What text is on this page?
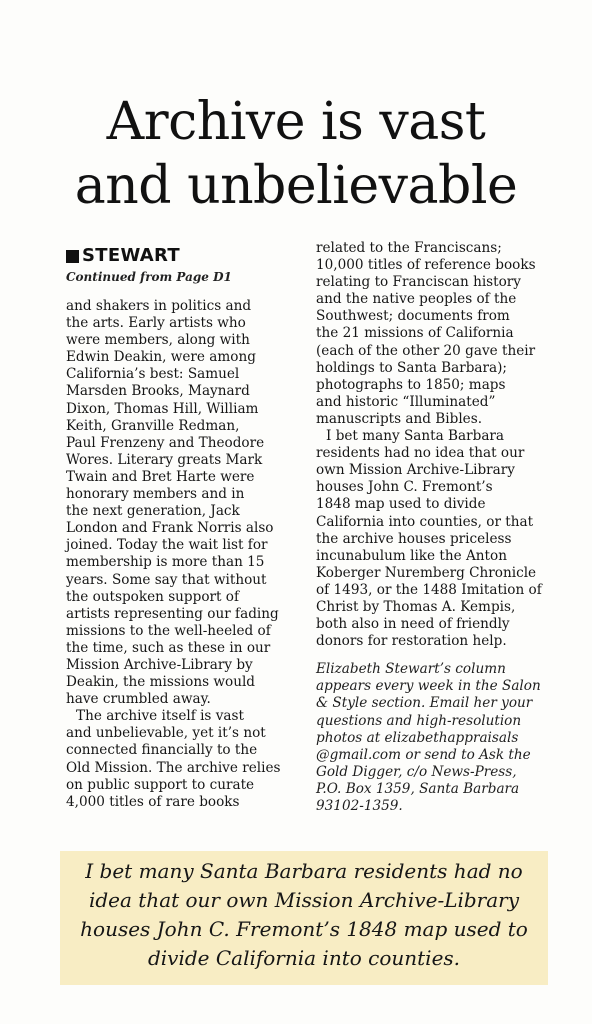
Archive is vast
and unbelievable
STEWART
Continued from Page D1

and shakers in politics and
the arts. Early artists who
were members, along with
Edwin Deakin, were among
California’s best: Samuel
Marsden Brooks, Maynard
Dixon, Thomas Hill, William
Keith, Granville Redman,
Paul Frenzeny and Theodore
Wores. Literary greats Mark
Twain and Bret Harte were
honorary members and in
the next generation, Jack
London and Frank Norris also
joined. Today the wait list for
membership is more than 15
years. Some say that without
the outspoken support of
artists representing our fading
missions to the well-heeled of
the time, such as these in our
Mission Archive-Library by
Deakin, the missions would
have crumbled away.

The archive itself is vast
and unbelievable, yet it’s not
connected financially to the
Old Mission. The archive relies
on public support to curate
4,000 titles of rare books

related to the Franciscans;
10,000 titles of reference books
relating to Franciscan history
and the native peoples of the
Southwest; documents from
the 21 missions of California
(each of the other 20 gave their
holdings to Santa Barbara);
photographs to 1850; maps
and historic “Illuminated”
manuscripts and Bibles.

I bet many Santa Barbara
residents had no idea that our
own Mission Archive-Library
houses John C. Fremont’s
1848 map used to divide
California into counties, or that
the archive houses priceless
incunabulum like the Anton
Koberger Nuremberg Chronicle
of 1493, or the 1488 Imitation of
Christ by Thomas A. Kempis,
both also in need of friendly
donors for restoration help.

Elizabeth Stewart’s column
appears every week in the Salon
& Style section. Email her your
questions and high-resolution
photos at elizabethappraisals
@gmail.com or send to Ask the
Gold Digger, c/o News-Press,
P.O. Box 1359, Santa Barbara
93102-1359.

I bet many Santa Barbara residents had no
idea that our own Mission Archive-Library
houses John C. Fremont’s 1848 map used to
divide California into counties.
